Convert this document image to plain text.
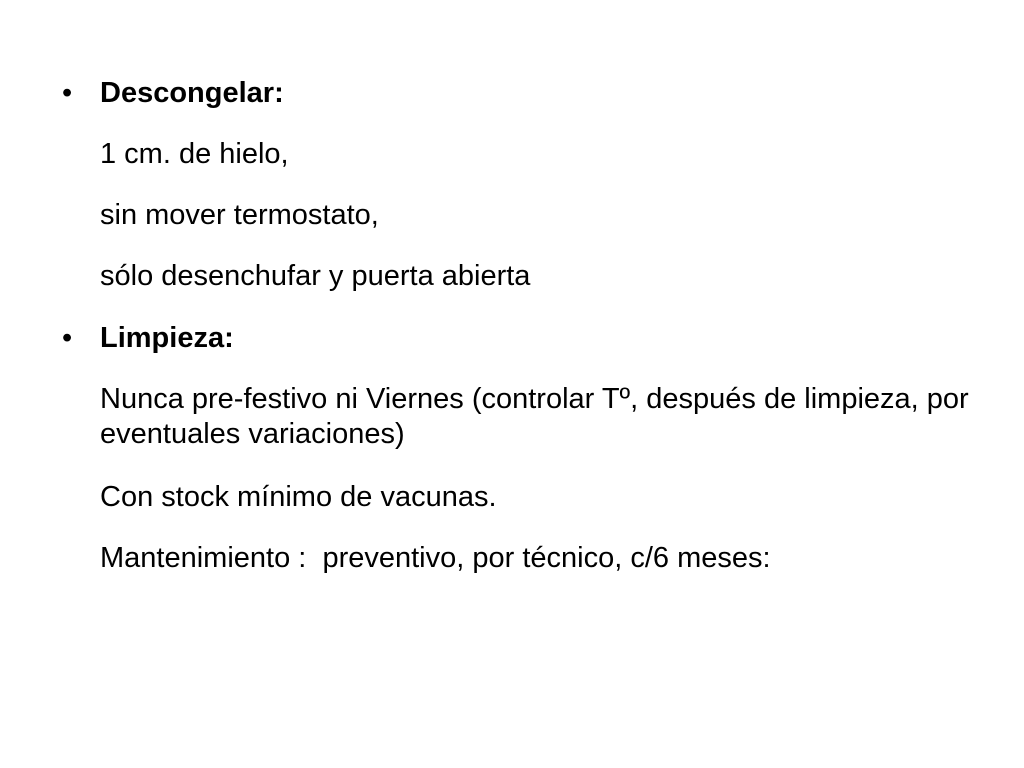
• Descongelar:

1 cm. de hielo,

sin mover termostato,

sólo desenchufar y puerta abierta

• Limpieza:

Nunca pre-festivo ni Viernes (controlar Tº, después de limpieza, por eventuales variaciones)

Con stock mínimo de vacunas.

Mantenimiento :  preventivo, por técnico, c/6 meses:
